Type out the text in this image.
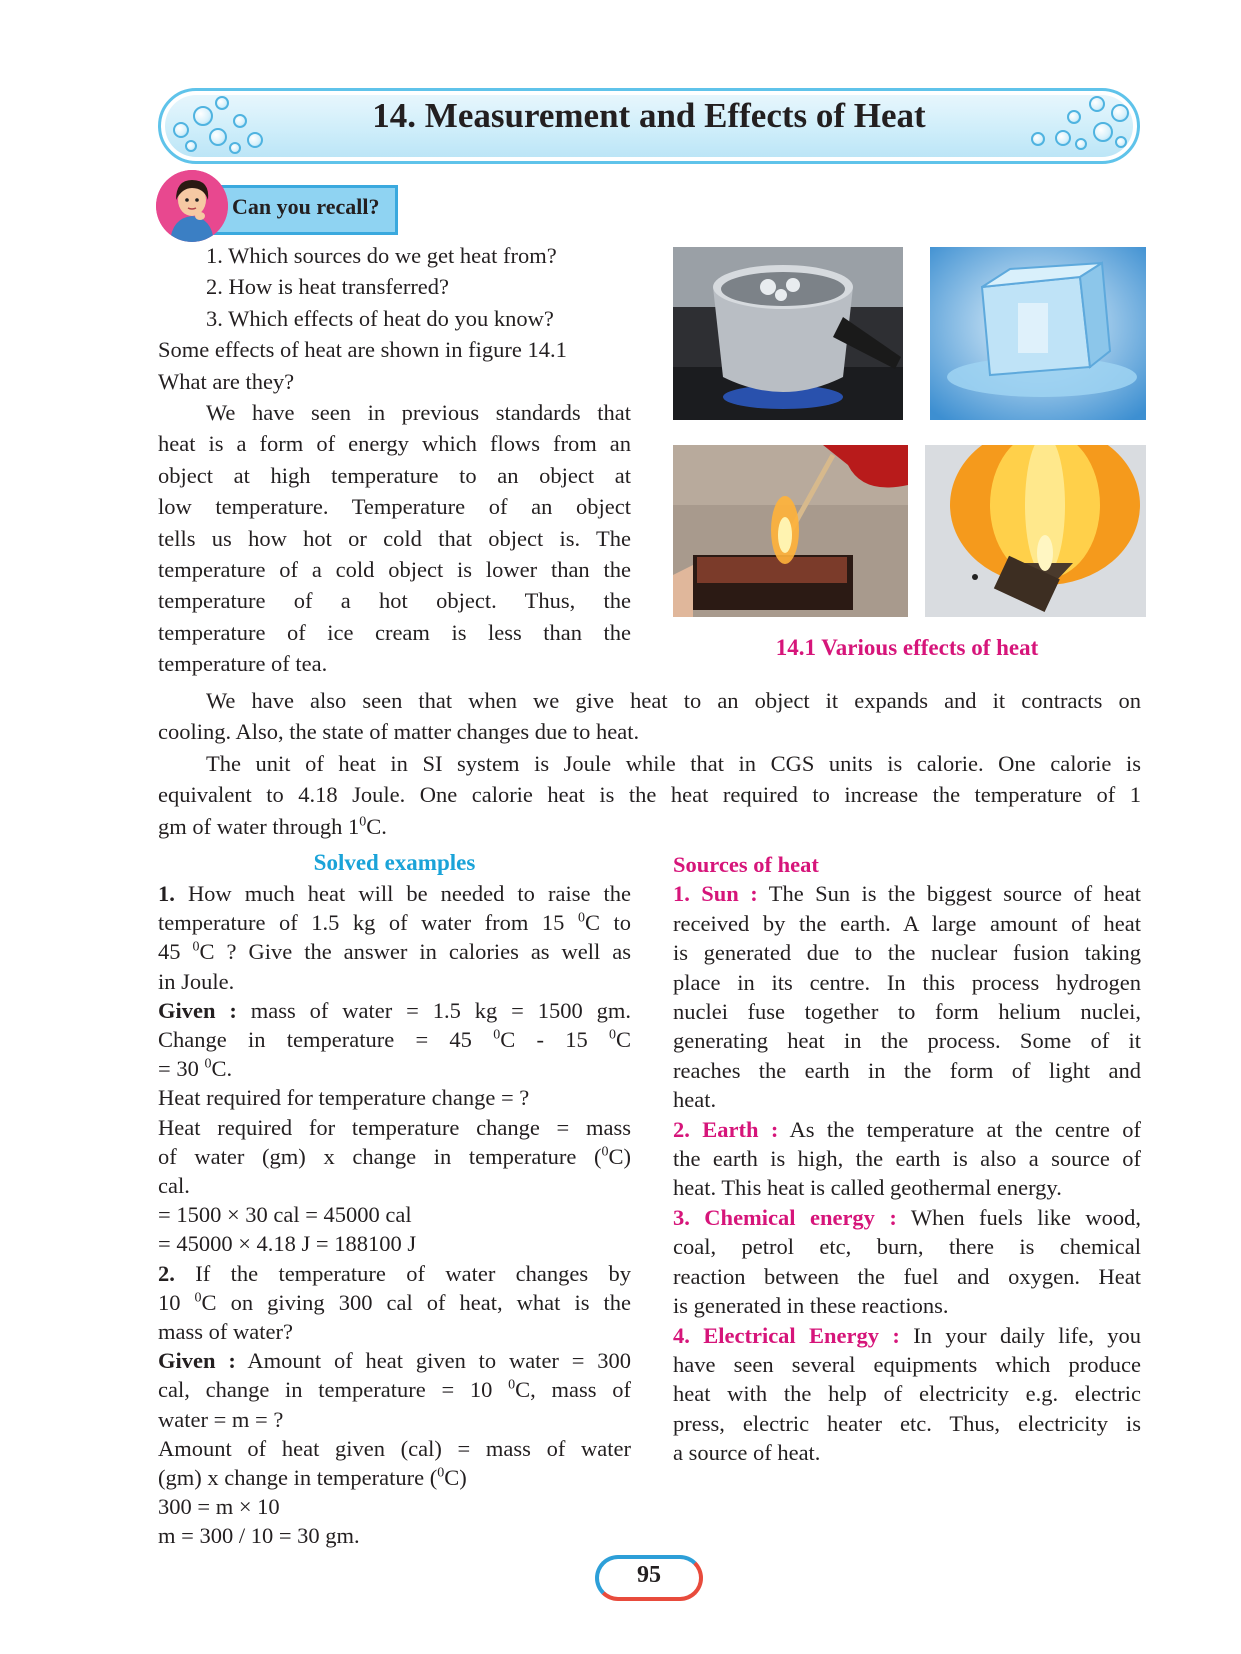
14. Measurement and Effects of Heat
Can you recall?
1. Which sources do we get heat from?
2. How is heat transferred?
3. Which effects of heat do you know?
Some effects of heat are shown in figure 14.1
What are they?
We have seen in previous standards that
heat is a form of energy which flows from an
object at high temperature to an object at
low temperature. Temperature of an object
tells us how hot or cold that object is. The
temperature of a cold object is lower than the
temperature of a hot object. Thus, the
temperature of ice cream is less than the
temperature of tea.
14.1 Various effects of heat
We have also seen that when we give heat to an object it expands and it contracts on
cooling. Also, the state of matter changes due to heat.
The unit of heat in SI system is Joule while that in CGS units is calorie. One calorie is
equivalent to 4.18 Joule. One calorie heat is the heat required to increase the temperature of 1
gm of water through $1^0C$.
Solved examples
1. How much heat will be needed to raise the
temperature of 1.5 kg of water from 15 $^0$C to
45 $^0$C ? Give the answer in calories as well as
in Joule.
Given : mass of water = 1.5 kg = 1500 gm.
Change in temperature = 45 $^0$C - 15 $^0$C
= 30 $^0$C.
Heat required for temperature change = ?
Heat required for temperature change = mass
of water (gm) x change in temperature ($^0$C)
cal.
= 1500 × 30 cal = 45000 cal
= 45000 × 4.18 J = 188100 J
2. If the temperature of water changes by
10 $^0$C on giving 300 cal of heat, what is the
mass of water?
Given : Amount of heat given to water = 300
cal, change in temperature = 10 $^0$C, mass of
water = m = ?
Amount of heat given (cal) = mass of water
(gm) x change in temperature ($^0$C)
300 = m × 10
m = 300 / 10 = 30 gm.
Sources of heat
1. Sun : The Sun is the biggest source of heat
received by the earth. A large amount of heat
is generated due to the nuclear fusion taking
place in its centre. In this process hydrogen
nuclei fuse together to form helium nuclei,
generating heat in the process. Some of it
reaches the earth in the form of light and
heat.
2. Earth : As the temperature at the centre of
the earth is high, the earth is also a source of
heat. This heat is called geothermal energy.
3. Chemical energy : When fuels like wood,
coal, petrol etc, burn, there is chemical
reaction between the fuel and oxygen. Heat
is generated in these reactions.
4. Electrical Energy : In your daily life, you
have seen several equipments which produce
heat with the help of electricity e.g. electric
press, electric heater etc. Thus, electricity is
a source of heat.
95
